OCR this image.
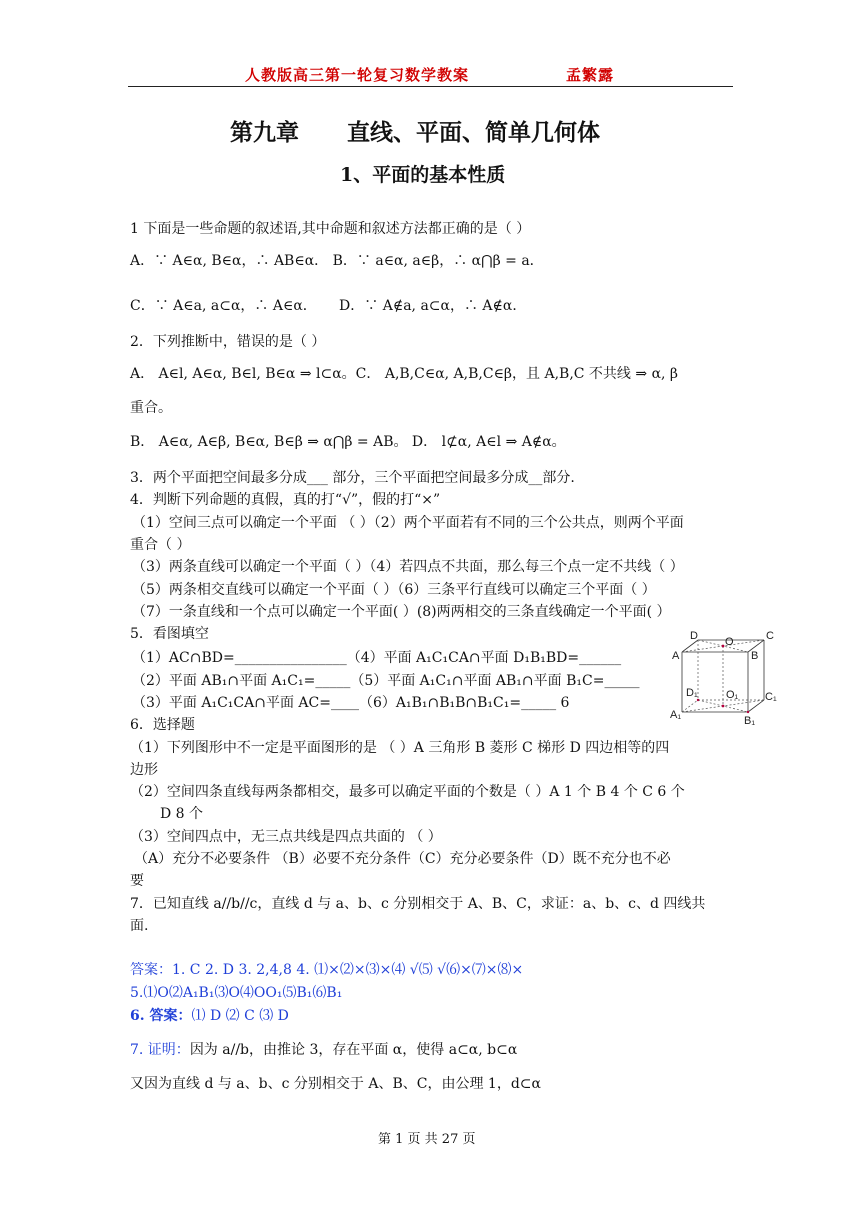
人教版高三第一轮复习数学教案	孟繁露
第九章      直线、平面、简单几何体
1、平面的基本性质
1 下面是一些命题的叙述语,其中命题和叙述方法都正确的是（ ）
A．∵ A∈α, B∈α，∴ AB∈α． B．∵ a∈α, a∈β，∴ α⋂β = a．
C．∵ A∈a, a⊂α，∴ A∈α．     D．∵ A∉a, a⊂α，∴ A∉α．
2．下列推断中，错误的是（ ）
A． A∈l, A∈α, B∈l, B∈α ⇒ l⊂α。C． A,B,C∈α, A,B,C∈β，且 A,B,C 不共线 ⇒ α, β
重合。
B． A∈α, A∈β, B∈α, B∈β ⇒ α⋂β = AB。 D． l⊄α, A∈l ⇒ A∉α。
3．两个平面把空间最多分成___ 部分，三个平面把空间最多分成__部分.
4．判断下列命题的真假，真的打“√”，假的打“×”
（1）空间三点可以确定一个平面 （ ）（2）两个平面若有不同的三个公共点，则两个平面
重合（ ）
（3）两条直线可以确定一个平面（ ）（4）若四点不共面，那么每三个点一定不共线（ ）
（5）两条相交直线可以确定一个平面（ ）（6）三条平行直线可以确定三个平面（ ）
（7）一条直线和一个点可以确定一个平面( ）(8)两两相交的三条直线确定一个平面( ）
5．看图填空
（1）AC∩BD=________________（4）平面 A₁C₁CA∩平面 D₁B₁BD=______
（2）平面 AB₁∩平面 A₁C₁=_____（5）平面 A₁C₁∩平面 AB₁∩平面 B₁C=_____
（3）平面 A₁C₁CA∩平面 AC=____（6）A₁B₁∩B₁B∩B₁C₁=_____ 6
6．选择题
（1）下列图形中不一定是平面图形的是 （ ）A 三角形 B 菱形 C 梯形 D 四边相等的四
边形
（2）空间四条直线每两条都相交，最多可以确定平面的个数是（ ）A 1 个 B 4 个 C 6 个
D 8 个
（3）空间四点中，无三点共线是四点共面的 （ ）
（A）充分不必要条件 （B）必要不充分条件（C）充分必要条件（D）既不充分也不必
要
7．已知直线 a//b//c，直线 d 与 a、b、c 分别相交于 A、B、C，求证：a、b、c、d 四线共
面.
答案：1. C 2. D 3. 2,4,8 4. ⑴×⑵×⑶×⑷ √⑸ √⑹×⑺×⑻×
5.⑴O⑵A₁B₁⑶O⑷OO₁⑸B₁⑹B₁
6. 答案：⑴ D ⑵ C ⑶ D
7. 证明：因为 a//b，由推论 3，存在平面 α，使得 a⊂α, b⊂α
又因为直线 d 与 a、b、c 分别相交于 A、B、C，由公理 1，d⊂α
D O	C
A	B
D₁	O₁ C₁
A₁	B₁
第 1 页 共 27 页
